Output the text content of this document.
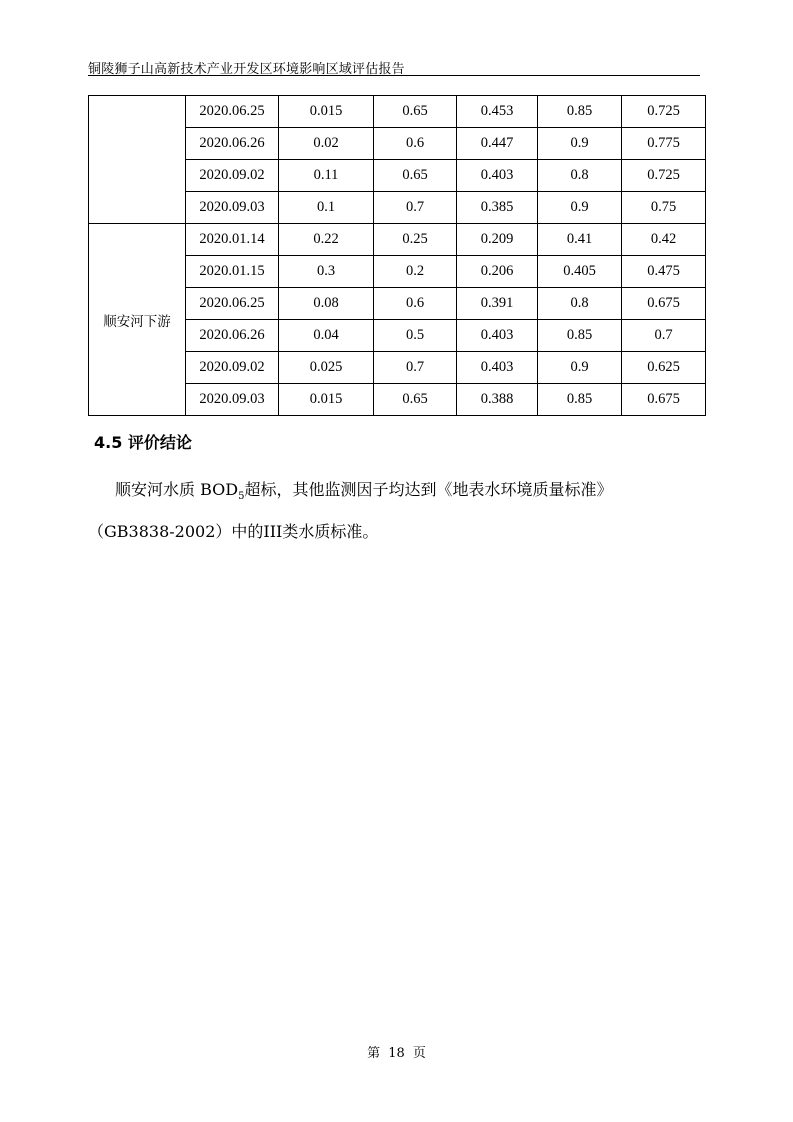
铜陵狮子山高新技术产业开发区环境影响区域评估报告
	2020.06.25	0.015	0.65	0.453	0.85	0.725
	2020.06.26	0.02	0.6	0.447	0.9	0.775
	2020.09.02	0.11	0.65	0.403	0.8	0.725
	2020.09.03	0.1	0.7	0.385	0.9	0.75
顺安河下游	2020.01.14	0.22	0.25	0.209	0.41	0.42
	2020.01.15	0.3	0.2	0.206	0.405	0.475
	2020.06.25	0.08	0.6	0.391	0.8	0.675
	2020.06.26	0.04	0.5	0.403	0.85	0.7
	2020.09.02	0.025	0.7	0.403	0.9	0.625
	2020.09.03	0.015	0.65	0.388	0.85	0.675
4.5 评价结论
顺安河水质 $BOD_5$超标，其他监测因子均达到《地表水环境质量标准》
（GB3838-2002）中的III类水质标准。
第 18 页
